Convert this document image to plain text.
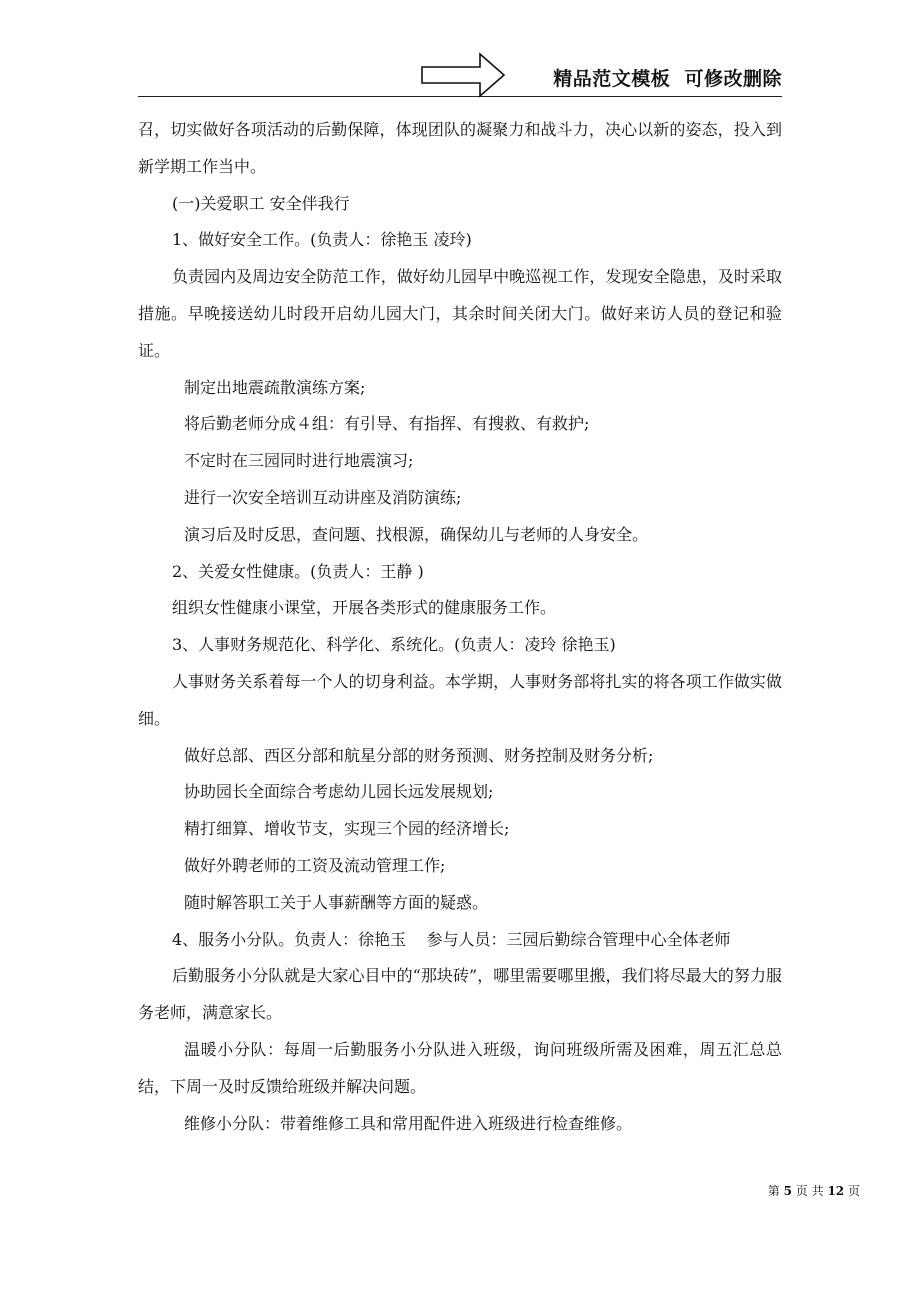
精品范文模板  可修改删除

召，切实做好各项活动的后勤保障，体现团队的凝聚力和战斗力，决心以新的姿态，投入到新学期工作当中。

(一)关爱职工 安全伴我行

1、做好安全工作。(负责人：徐艳玉 凌玲)

负责园内及周边安全防范工作，做好幼儿园早中晚巡视工作，发现安全隐患，及时采取措施。早晚接送幼儿时段开启幼儿园大门，其余时间关闭大门。做好来访人员的登记和验证。

制定出地震疏散演练方案;

将后勤老师分成４组：有引导、有指挥、有搜救、有救护;

不定时在三园同时进行地震演习;

进行一次安全培训互动讲座及消防演练;

演习后及时反思，查问题、找根源，确保幼儿与老师的人身安全。

2、关爱女性健康。(负责人：王静 )

组织女性健康小课堂，开展各类形式的健康服务工作。

3、人事财务规范化、科学化、系统化。(负责人：凌玲 徐艳玉)

人事财务关系着每一个人的切身利益。本学期，人事财务部将扎实的将各项工作做实做细。

做好总部、西区分部和航星分部的财务预测、财务控制及财务分析;

协助园长全面综合考虑幼儿园长远发展规划;

精打细算、增收节支，实现三个园的经济增长;

做好外聘老师的工资及流动管理工作;

随时解答职工关于人事薪酬等方面的疑惑。

4、服务小分队。负责人：徐艳玉    参与人员：三园后勤综合管理中心全体老师

后勤服务小分队就是大家心目中的“那块砖”，哪里需要哪里搬，我们将尽最大的努力服务老师，满意家长。

温暖小分队：每周一后勤服务小分队进入班级，询问班级所需及困难，周五汇总总结，下周一及时反馈给班级并解决问题。

维修小分队：带着维修工具和常用配件进入班级进行检查维修。

第 5 页 共 12 页
